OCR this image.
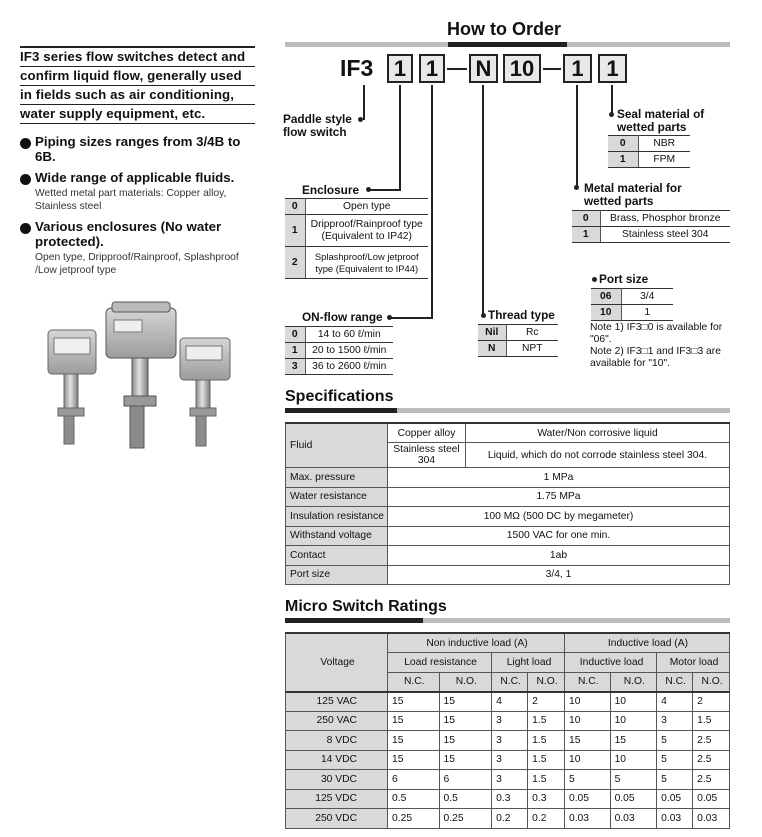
IF3 series flow switches detect and
confirm liquid flow, generally used
in fields such as air conditioning,
water supply equipment, etc.
Piping sizes ranges from 3/4B to 6B.
Wide range of applicable fluids.
Wetted metal part materials: Copper alloy, Stainless steel
Various enclosures (No water protected).
Open type, Dripproof/Rainproof, Splashproof /Low jetproof type
How to Order
IF3 1 1	N 10	1	1
Paddle style flow switch
Enclosure
0	Open type
1	Dripproof/Rainproof type (Equivalent to IP42)
2	Splashproof/Low jetproof type (Equivalent to IP44)
ON-flow range
0	14 to 60 ℓ/min
1	20 to 1500 ℓ/min
3	36 to 2600 ℓ/min
Thread type
Nil	Rc
N	NPT
Port size
06	3/4
10	1
Note 1) IF3□0 is available for "06".
Note 2) IF3□1 and IF3□3 are available for "10".
Metal material for wetted parts
0	Brass, Phosphor bronze
1	Stainless steel 304
Seal material of wetted parts
0	NBR
1	FPM
Specifications
Fluid	Copper alloy	Water/Non corrosive liquid
	Stainless steel 304	Liquid, which do not corrode stainless steel 304.
Max. pressure	1 MPa	
Water resistance	1.75 MPa	
Insulation resistance	100 MΩ (500 DC by megameter)	
Withstand voltage	1500 VAC for one min.	
Contact	1ab	
Port size	3/4, 1	
Micro Switch Ratings
Voltage	Non inductive load (A)				Inductive load (A)			
	Load resistance		Light load		Inductive load		Motor load	
	N.C.	N.O.	N.C.	N.O.	N.C.	N.O.	N.C.	N.O.
125 VAC	15	15	4	2	10	10	4	2
250 VAC	15	15	3	1.5	10	10	3	1.5
8 VDC	15	15	3	1.5	15	15	5	2.5
14 VDC	15	15	3	1.5	10	10	5	2.5
30 VDC	6	6	3	1.5	5	5	5	2.5
125 VDC	0.5	0.5	0.3	0.3	0.05	0.05	0.05	0.05
250 VDC	0.25	0.25	0.2	0.2	0.03	0.03	0.03	0.03
